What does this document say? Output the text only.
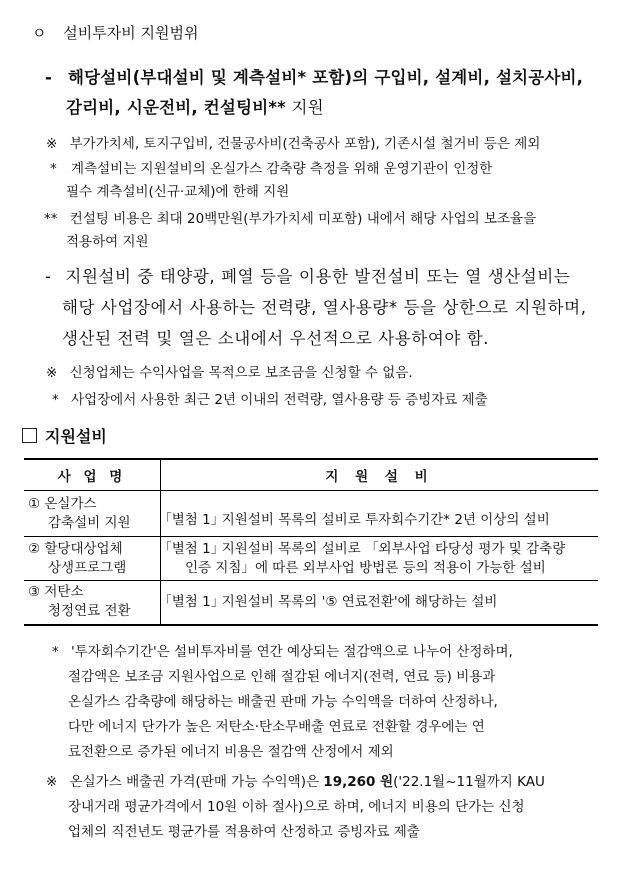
ㅇ 설비투자비 지원범위
- 해당설비(부대설비 및 계측설비* 포함)의 구입비, 설계비, 설치공사비,
감리비, 시운전비, 컨설팅비** 지원
※ 부가가치세, 토지구입비, 건물공사비(건축공사 포함), 기존시설 철거비 등은 제외
* 계측설비는 지원설비의 온실가스 감축량 측정을 위해 운영기관이 인정한
필수 계측설비(신규·교체)에 한해 지원
** 컨설팅 비용은 최대 20백만원(부가가치세 미포함) 내에서 해당 사업의 보조율을
적용하여 지원
- 지원설비 중 태양광, 폐열 등을 이용한 발전설비 또는 열 생산설비는
해당 사업장에서 사용하는 전력량, 열사용량* 등을 상한으로 지원하며,
생산된 전력 및 열은 소내에서 우선적으로 사용하여야 함.
※ 신청업체는 수익사업을 목적으로 보조금을 신청할 수 없음.
* 사업장에서 사용한 최근 2년 이내의 전력량, 열사용량 등 증빙자료 제출
지원설비
사 업 명	지 원 설 비

① 온실가스
감축설비 지원	｢별첨 1｣ 지원설비 목록의 설비로 투자회수기간* 2년 이상의 설비

② 할당대상업체
상생프로그램	｢별첨 1｣ 지원설비 목록의 설비로 「외부사업 타당성 평가 및 감축량
인증 지침」에 따른 외부사업 방법론 등의 적용이 가능한 설비

③ 저탄소
청정연료 전환	｢별첨 1｣ 지원설비 목록의 '⑤ 연료전환'에 해당하는 설비
* '투자회수기간'은 설비투자비를 연간 예상되는 절감액으로 나누어 산정하며,
절감액은 보조금 지원사업으로 인해 절감된 에너지(전력, 연료 등) 비용과
온실가스 감축량에 해당하는 배출권 판매 가능 수익액을 더하여 산정하나,
다만 에너지 단가가 높은 저탄소·탄소무배출 연료로 전환할 경우에는 연
료전환으로 증가된 에너지 비용은 절감액 산정에서 제외
※ 온실가스 배출권 가격(판매 가능 수익액)은 19,260 원('22.1월~11월까지 KAU
장내거래 평균가격에서 10원 이하 절사)으로 하며, 에너지 비용의 단가는 신청
업체의 직전년도 평균가를 적용하여 산정하고 증빙자료 제출
